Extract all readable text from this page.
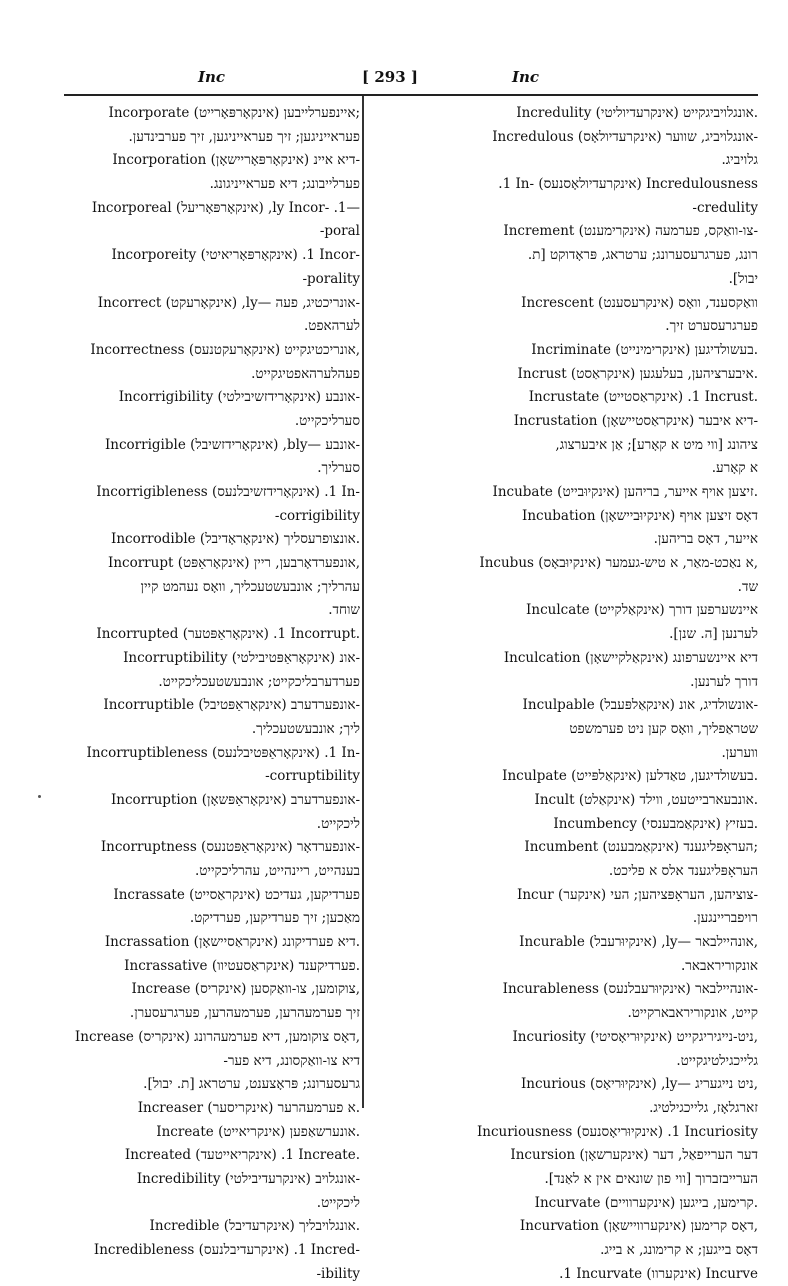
Inc	[ 293 ]	Inc
Incorporate (אינקאָרפּאָרייט) איינפערלייבען;
פעראייניגען; זיך פעראייניגען, זיך פערבינדען.
Incorporation (אינקאָרפּאָריישאָן) דיא איינ-
פערלייבונג; דיא פעראייניגונג.
Incorporeal (אינקאָרפּאָריעל) ,ly Incor- .1—
-poral
Incorporeity (אינקאָרפּאָריאיטי) .1 Incor-
-porality
Incorrect (אינקאָרעקט) ,ly— אונריכטיג, פעה-
לערהאפט.
Incorrectness (אינקאָרעקטנעס) אונריכטיגקייט,
פעהלערהאפטיגקייט.
Incorrigibility (אינקאָרידזשיבילטי) אונבע-
סערליכקייט.
Incorrigible (אינקאָרידזשיבל) ,bly— אונבע-
סערליך.
Incorrigibleness (אינקאָרידזשיבלנעס) .1 In-
-corrigibility
Incorrodible (אינקאָראָדיבל) אונצופרעסליך.
Incorrupt (אינקאָראַפּט) אונפערדאָרבען, ריין,
עהרליך; אונבעשטעכליך, וואָס נעהמט קיין
שוחד.
Incorrupted (אינקאָראַפּטער) .1 Incorrupt.
Incorruptibility (אינקאָראַפּטיבילטי) אונ-
פערדערבליכקייט; אונבעשטעכליכקייט.
Incorruptible (אינקאָראַפּטיבל) אונפערדערב-
ליך; אונבעשטעכליך.
Incorruptibleness (אינקאָראַפּטיבלנעס) .1 In-
-corruptibility
Incorruption (אינקאָראַפּשאָן) אונפערדערב-
ליכקייט.
Incorruptness (אינקאָראַפּטנעס) אונפערדאָר-
בענהייט, ריינהייט, עהרליכקייט.
Incrassate (אינקראַסייט) פערדיקען, געדיכט
מאַכען; זיך פערדיקען, פערדיקט.
Incrassation (אינקראַסיישאָן) דיא פערדיקונג.
Incrassative (אינקראַסעטיוו) פערדיקענד.
Increase (אינקריס) צוקומען, צו-וואַקסען,
זיך פערמעהרען, פערמעהרען, פערגרעסערן.
Increase (אינקריס) דאָס צוקומען, דיא פערמעהרונג,
דיא צו-וואַקסונג, דיא פער-
גרעסערונג; פּראָצענט, ערטראג [ת. יבול].
Increaser (אינקריסער) א פערמעהרער.
Increate (אינקריאייט) אונערשאַפען.
Increated (אינקריאייטעד) .1 Increate.
Incredibility (אינקרעדיבילטי) אונגלויב-
ליכקייט.
Incredible (אינקרעדיבל) אונגלויבליך.
Incredibleness (אינקרעדיבלנעס) .1 Incred-
-ibility
Incredulity (אינקרעדיוליטי) אונגלויביגקייט.
Incredulous (אינקרעדיולאָס) אונגלויביג, שווער-
גלויביג.
.1 In- (אינקרעדיולאָסנעס) Incredulousness
-credulity
Increment (אינקרימענט) צו-וואַקס, פערמעה-
רונג, פערגרעסערונג; ערטראג, פּראָדוקט [ת.
יבול].
Increscent (אינקרעסענט) וואַקסענד, וואָס
פערגרעסערט זיך.
Incriminate (אינקרימינייט) בעשולדיגען.
Incrust (אינקראַסט) איבערציהען, בעלעגען.
Incrustate (אינקראַסטייט) .1 Incrust.
Incrustation (אינקראַסטיישאָן) דיא איבער-
ציהונג [ווי מיט א קאָרע]; אַן איבערצוג,
א קאָרע.
Incubate (אינקיוּבייט) זיצען אויף אייער, בריהען.
Incubation (אינקיוּביישאָן) דאָס זיצען אויף
אייער, דאָס בריהען.
Incubus (אינקיוּבאָס) א נאַכט-מאַר, א טיש-געמער,
שד.
Inculcate (אינקאַלקייט) איינשערפען דורך
לערנען [ה. שנן].
Inculcation (אינקאַלקיישאָן) דיא איינשערפונג
דורך לערנען.
Inculpable (אינקאַלפּעבל) אונשולדיג, אונ-
שטראַפליך, וואָס קען ניט פערמשפט
ווערען.
Inculpate (אינקאַלפּייט) בעשולדיגען, טאַדלען.
Incult (אינקאַלט) אונבעארבייטעט, ווילד.
Incumbency (אינקאַמבענסי) בעזיץ.
Incumbent (אינקאַמבענט) העראָפּליגענד;
העראָפּליגענד אלס א פליכט.
Incur (אינקער) צוציהען, העראָפּציהען; העי-
רויפבריינגען.
Incurable (אינקיוּרעבל) ,ly— אונהיילבאר,
אונקוריראבאר.
Incurableness (אינקיוּרעבלנעס) אונהיילבאר-
קייט, אונקוריראבארקייט.
Incuriosity (אינקיוּריאָסיטי) ניט-נייגיריגקייט,
גלייכגילטיגקייט.
Incurious (אינקיוּריאָס) ,ly— ניט נייגעריג,
זארגלאָז, גלייכגילטיג.
Incuriousness (אינקיוּריאָסנעס) .1 Incuriosity
Incursion (אינקערשאָן) דער הערייפאַל, דער
הערייבזברוך [ווי פון שונאים אין א לאַנד].
Incurvate (אינקערוויים) קרימען, בייגען.
Incurvation (אינקערוויישאָן) דאָס קרימען,
דאָס בייגען; א קרימונג, א בייג.
.1 Incurvate (אינקערוו) Incurve
